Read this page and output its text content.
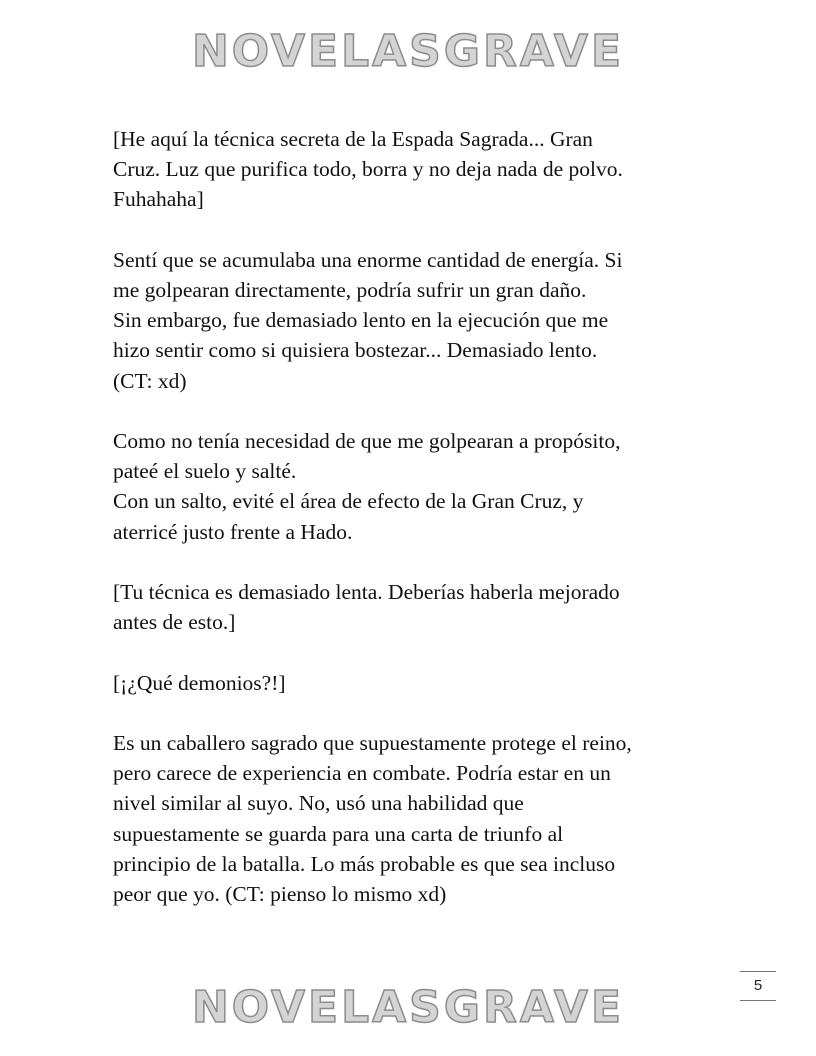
NOVELASGRAVE

[He aquí la técnica secreta de la Espada Sagrada... Gran
Cruz. Luz que purifica todo, borra y no deja nada de polvo.
Fuhahaha]

Sentí que se acumulaba una enorme cantidad de energía. Si
me golpearan directamente, podría sufrir un gran daño.
Sin embargo, fue demasiado lento en la ejecución que me
hizo sentir como si quisiera bostezar... Demasiado lento.
(CT: xd)

Como no tenía necesidad de que me golpearan a propósito,
pateé el suelo y salté.
Con un salto, evité el área de efecto de la Gran Cruz, y
aterricé justo frente a Hado.

[Tu técnica es demasiado lenta. Deberías haberla mejorado
antes de esto.]

[¡¿Qué demonios?!]

Es un caballero sagrado que supuestamente protege el reino,
pero carece de experiencia en combate. Podría estar en un
nivel similar al suyo. No, usó una habilidad que
supuestamente se guarda para una carta de triunfo al
principio de la batalla. Lo más probable es que sea incluso
peor que yo. (CT: pienso lo mismo xd)

5
NOVELASGRAVE
